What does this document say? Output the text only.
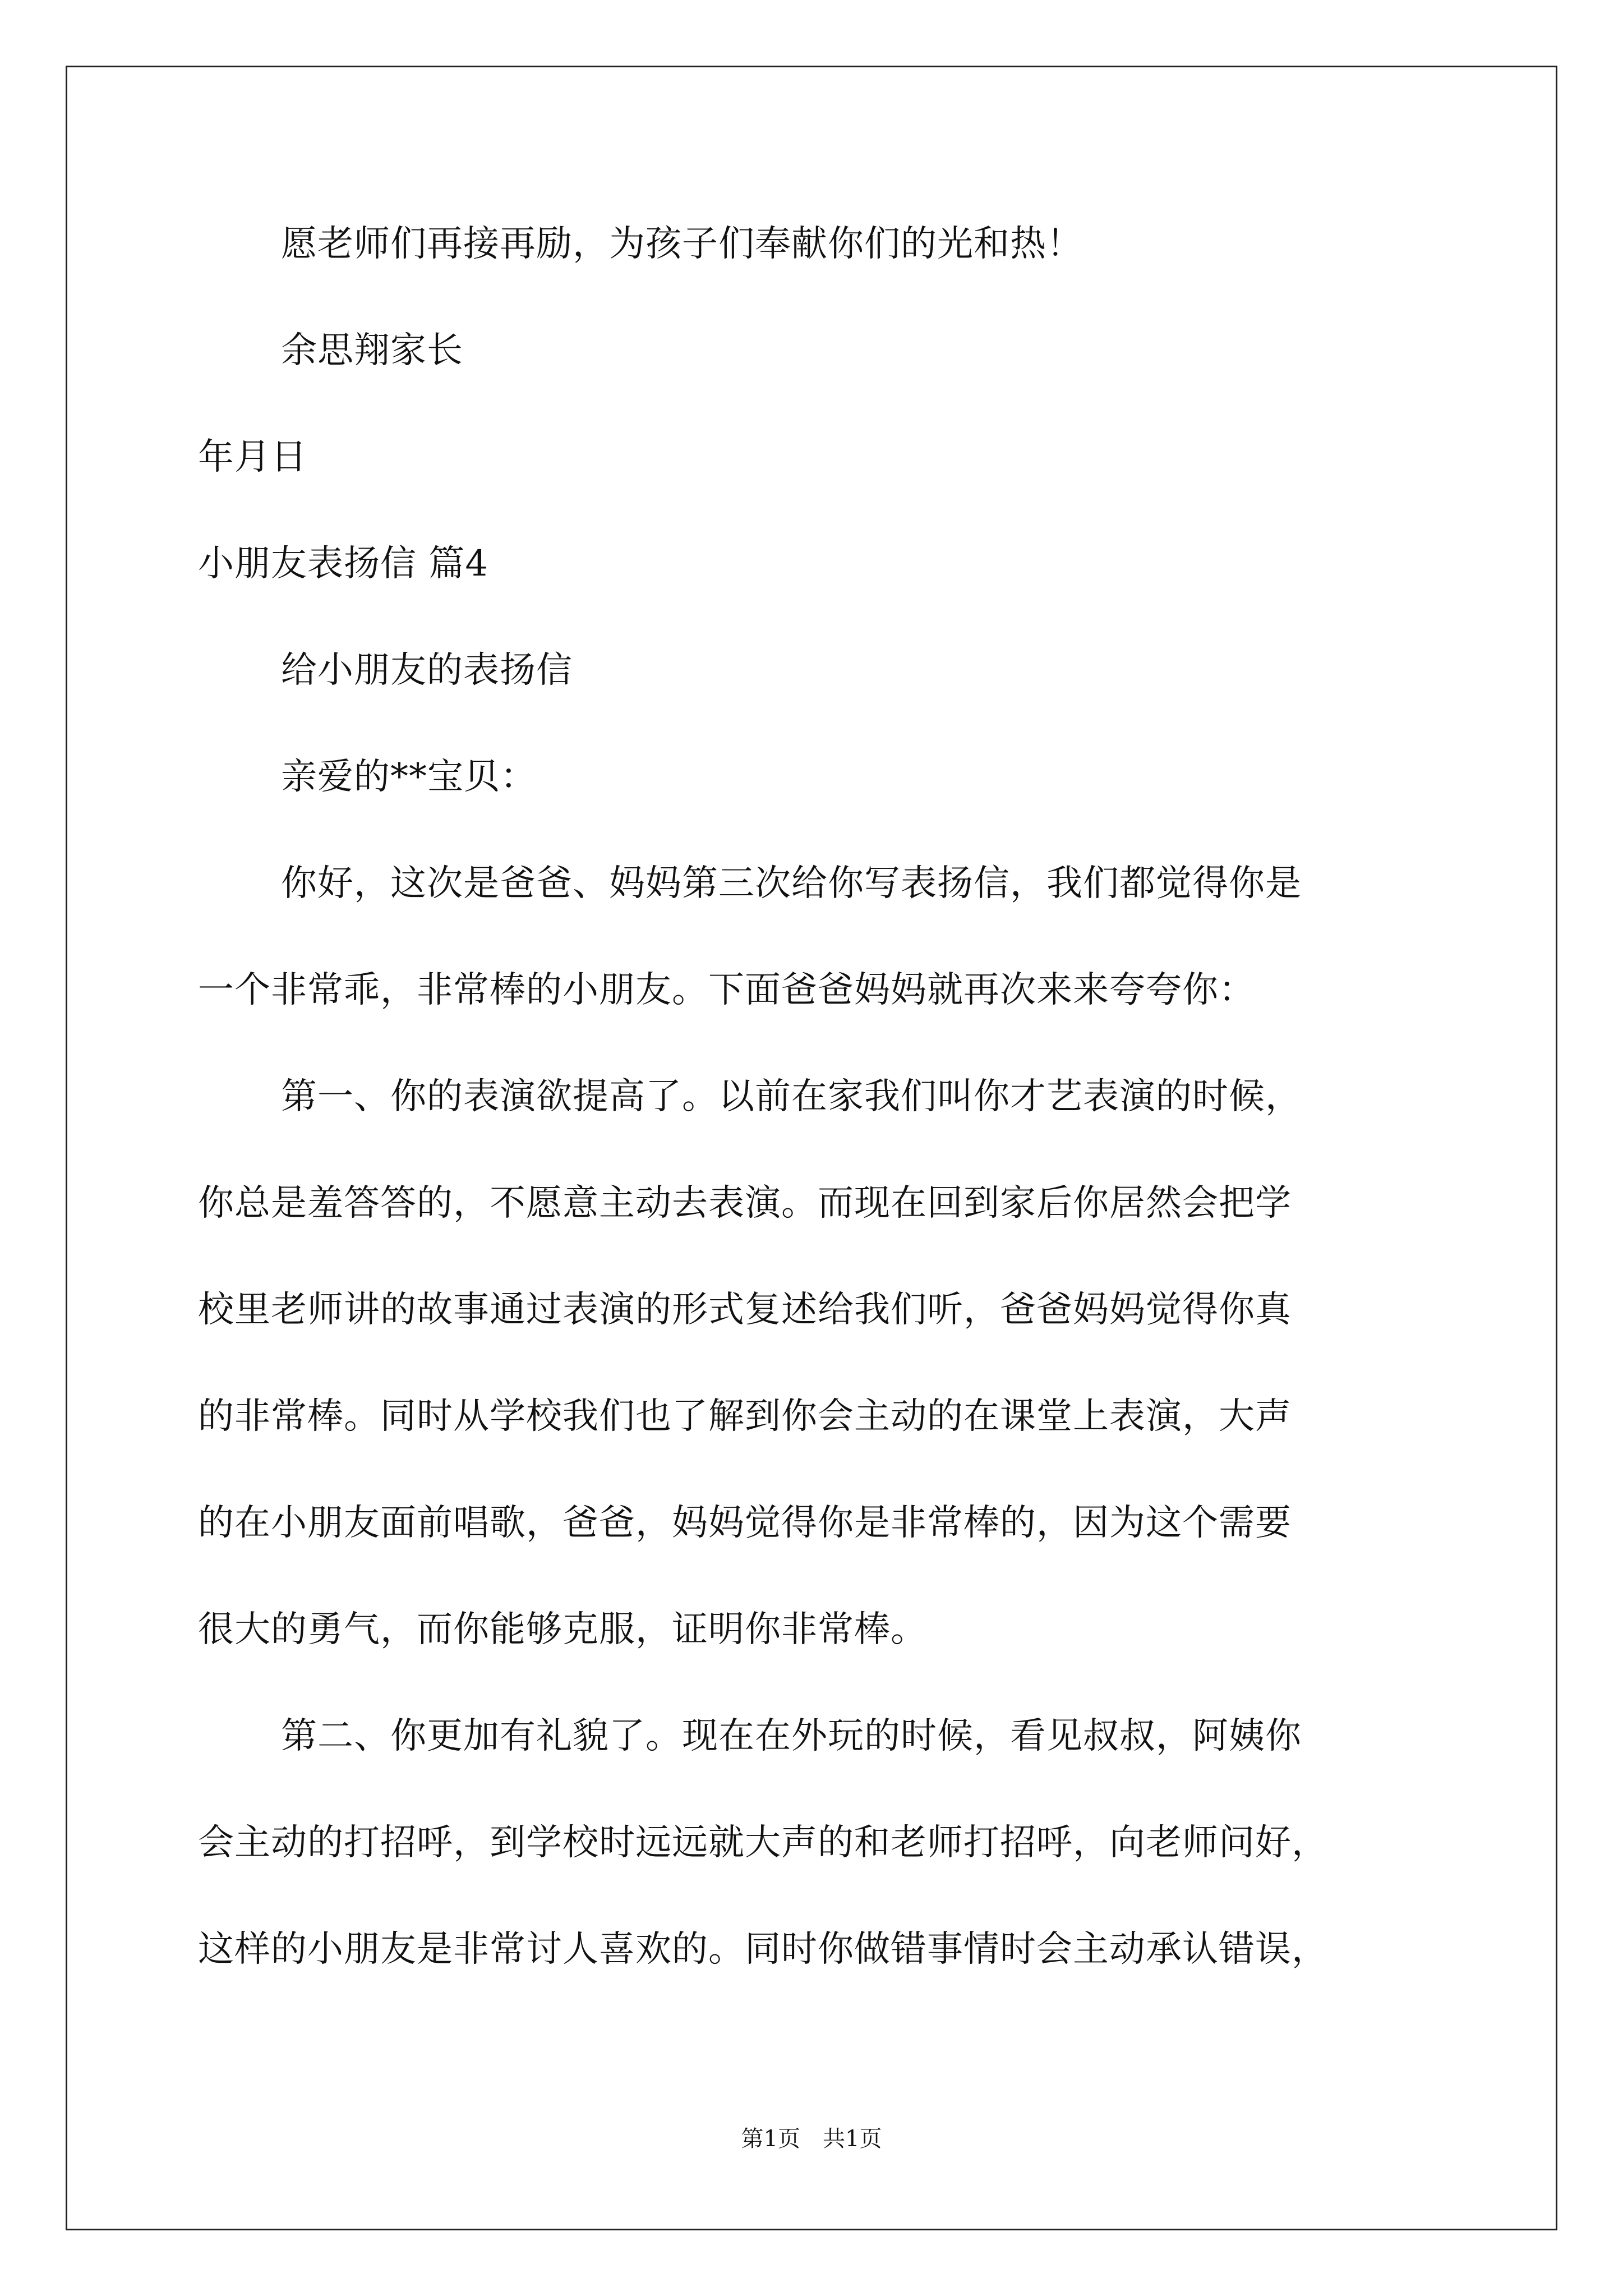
愿老师们再接再励，为孩子们奉献你们的光和热！

余思翔家长

年月日

小朋友表扬信 篇4

给小朋友的表扬信

亲爱的**宝贝：

你好，这次是爸爸、妈妈第三次给你写表扬信，我们都觉得你是

一个非常乖，非常棒的小朋友。下面爸爸妈妈就再次来来夸夸你：

第一、你的表演欲提高了。以前在家我们叫你才艺表演的时候，

你总是羞答答的，不愿意主动去表演。而现在回到家后你居然会把学

校里老师讲的故事通过表演的形式复述给我们听，爸爸妈妈觉得你真

的非常棒。同时从学校我们也了解到你会主动的在课堂上表演，大声

的在小朋友面前唱歌，爸爸，妈妈觉得你是非常棒的，因为这个需要

很大的勇气，而你能够克服，证明你非常棒。

第二、你更加有礼貌了。现在在外玩的时候，看见叔叔，阿姨你

会主动的打招呼，到学校时远远就大声的和老师打招呼，向老师问好，

这样的小朋友是非常讨人喜欢的。同时你做错事情时会主动承认错误，

第1页　共1页
